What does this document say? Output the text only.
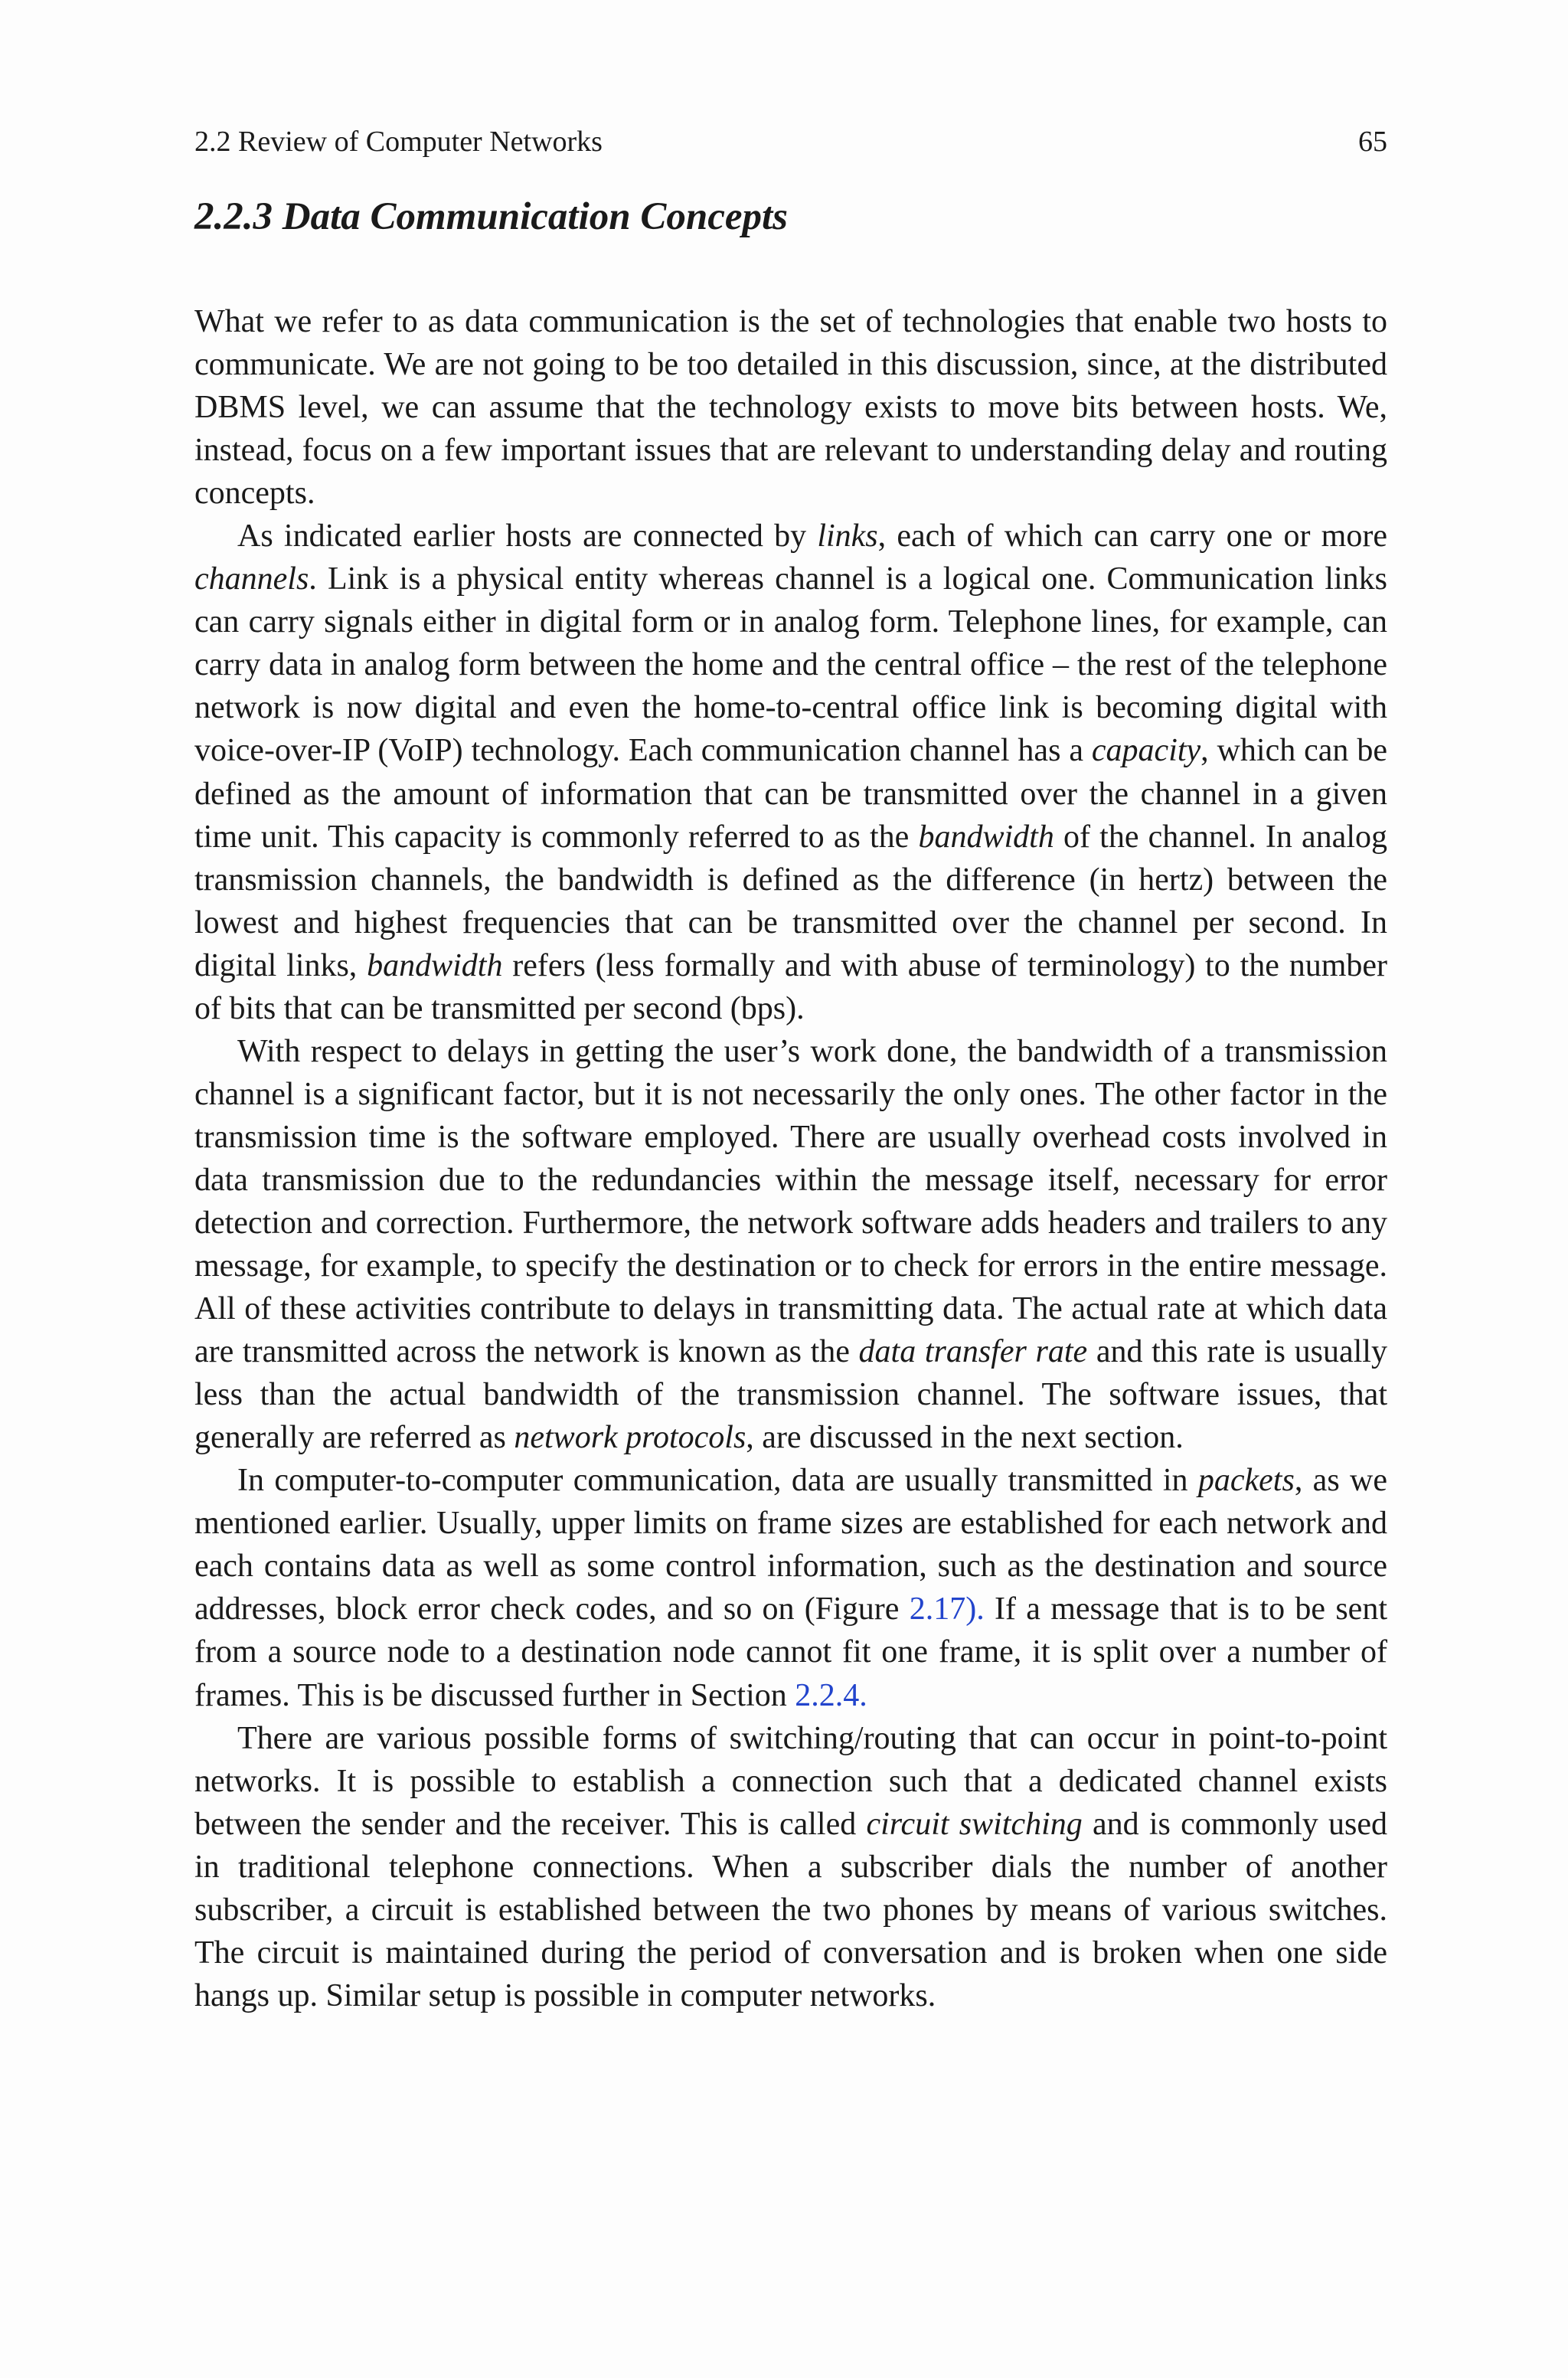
2.2 Review of Computer Networks	65
2.2.3 Data Communication Concepts

What we refer to as data communication is the set of technologies that enable two hosts to communicate. We are not going to be too detailed in this discussion, since, at the distributed DBMS level, we can assume that the technology exists to move bits between hosts. We, instead, focus on a few important issues that are relevant to understanding delay and routing concepts.

As indicated earlier hosts are connected by links, each of which can carry one or more channels. Link is a physical entity whereas channel is a logical one. Communication links can carry signals either in digital form or in analog form. Telephone lines, for example, can carry data in analog form between the home and the central office – the rest of the telephone network is now digital and even the home-to-central office link is becoming digital with voice-over-IP (VoIP) technology. Each communication channel has a capacity, which can be defined as the amount of information that can be transmitted over the channel in a given time unit. This capacity is commonly referred to as the bandwidth of the channel. In analog transmission channels, the bandwidth is defined as the difference (in hertz) between the lowest and highest frequencies that can be transmitted over the channel per second. In digital links, bandwidth refers (less formally and with abuse of terminology) to the number of bits that can be transmitted per second (bps).

With respect to delays in getting the user’s work done, the bandwidth of a transmission channel is a significant factor, but it is not necessarily the only ones. The other factor in the transmission time is the software employed. There are usually overhead costs involved in data transmission due to the redundancies within the message itself, necessary for error detection and correction. Furthermore, the network software adds headers and trailers to any message, for example, to specify the destination or to check for errors in the entire message. All of these activities contribute to delays in transmitting data. The actual rate at which data are transmitted across the network is known as the data transfer rate and this rate is usually less than the actual bandwidth of the transmission channel. The software issues, that generally are referred as network protocols, are discussed in the next section.

In computer-to-computer communication, data are usually transmitted in packets, as we mentioned earlier. Usually, upper limits on frame sizes are established for each network and each contains data as well as some control information, such as the destination and source addresses, block error check codes, and so on (Figure 2.17). If a message that is to be sent from a source node to a destination node cannot fit one frame, it is split over a number of frames. This is be discussed further in Section 2.2.4.

There are various possible forms of switching/routing that can occur in point-to-point networks. It is possible to establish a connection such that a dedicated channel exists between the sender and the receiver. This is called circuit switching and is commonly used in traditional telephone connections. When a subscriber dials the number of another subscriber, a circuit is established between the two phones by means of various switches. The circuit is maintained during the period of conversation and is broken when one side hangs up. Similar setup is possible in computer networks.
